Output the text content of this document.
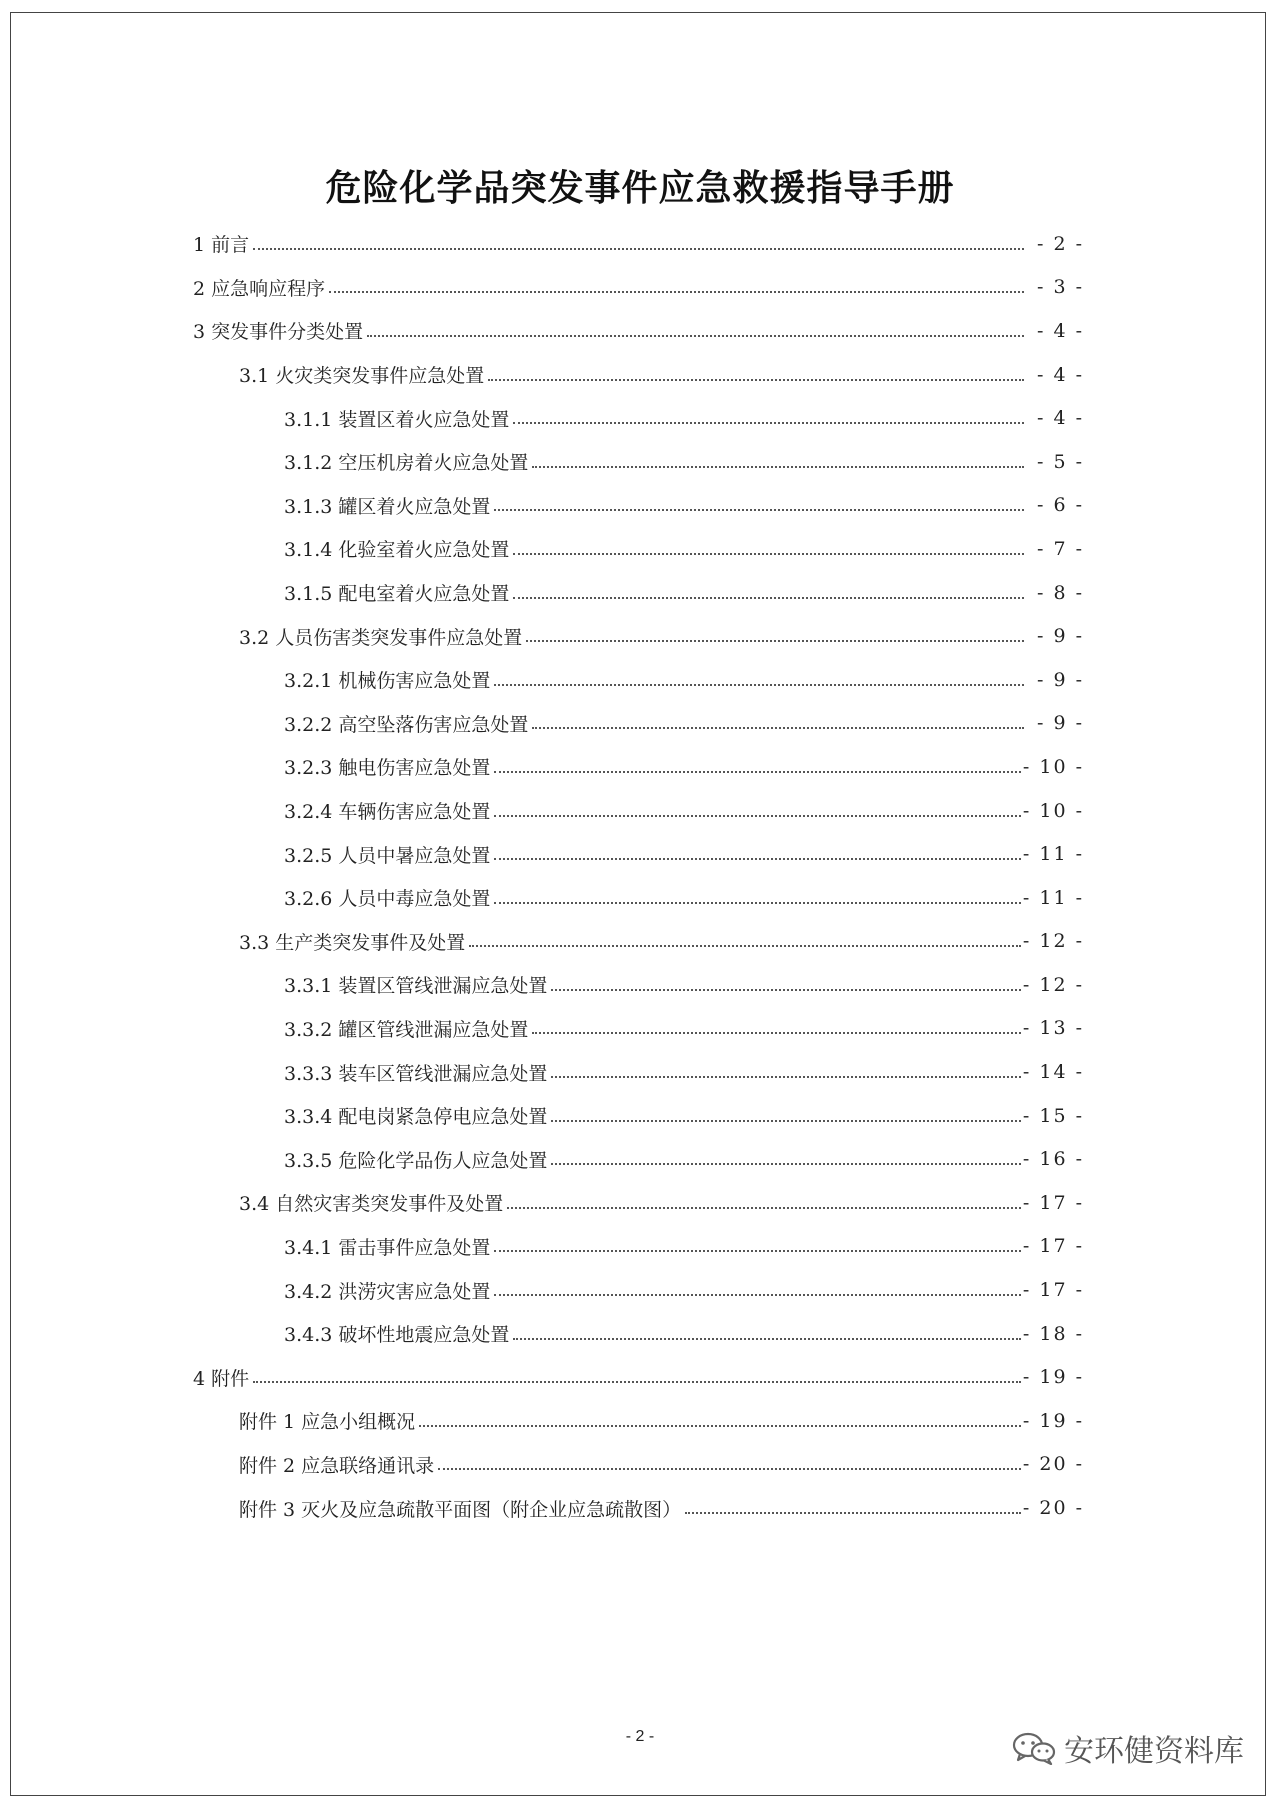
危险化学品突发事件应急救援指导手册
1 前言	- 2 -
2 应急响应程序	- 3 -
3 突发事件分类处置	- 4 -
3.1 火灾类突发事件应急处置	- 4 -
3.1.1 装置区着火应急处置	- 4 -
3.1.2 空压机房着火应急处置	- 5 -
3.1.3 罐区着火应急处置	- 6 -
3.1.4 化验室着火应急处置	- 7 -
3.1.5 配电室着火应急处置	- 8 -
3.2 人员伤害类突发事件应急处置	- 9 -
3.2.1 机械伤害应急处置	- 9 -
3.2.2 高空坠落伤害应急处置	- 9 -
3.2.3 触电伤害应急处置	- 10 -
3.2.4 车辆伤害应急处置	- 10 -
3.2.5 人员中暑应急处置	- 11 -
3.2.6 人员中毒应急处置	- 11 -
3.3 生产类突发事件及处置	- 12 -
3.3.1 装置区管线泄漏应急处置	- 12 -
3.3.2 罐区管线泄漏应急处置	- 13 -
3.3.3 装车区管线泄漏应急处置	- 14 -
3.3.4 配电岗紧急停电应急处置	- 15 -
3.3.5 危险化学品伤人应急处置	- 16 -
3.4 自然灾害类突发事件及处置	- 17 -
3.4.1 雷击事件应急处置	- 17 -
3.4.2 洪涝灾害应急处置	- 17 -
3.4.3 破坏性地震应急处置	- 18 -
4 附件	- 19 -
附件 1 应急小组概况	- 19 -
附件 2 应急联络通讯录	- 20 -
附件 3 灭火及应急疏散平面图（附企业应急疏散图）	- 20 -
- 2 -	安环健资料库
